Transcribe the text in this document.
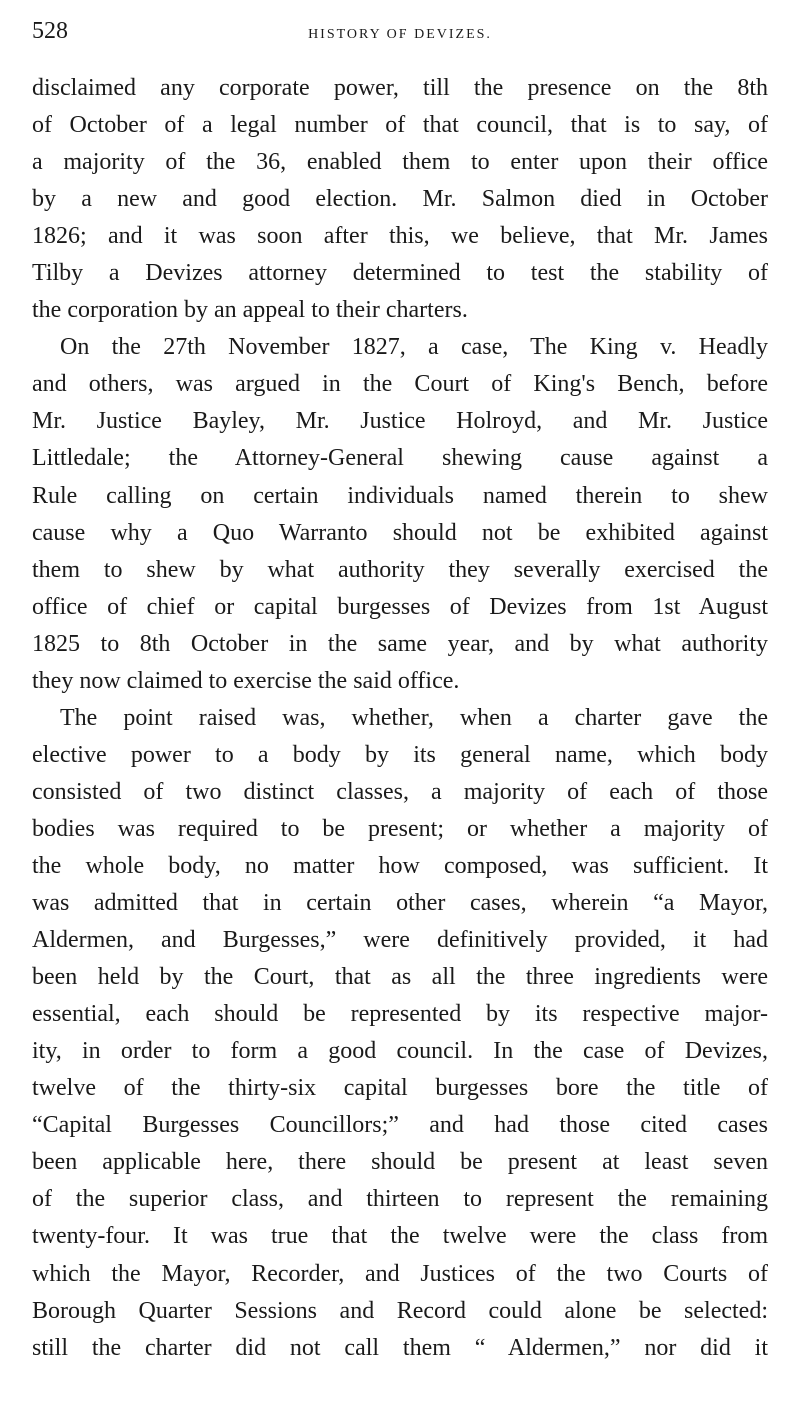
528	HISTORY OF DEVIZES.
disclaimed any corporate power, till the presence on the 8th
of October of a legal number of that council, that is to say, of
a majority of the 36, enabled them to enter upon their office
by a new and good election. Mr. Salmon died in October
1826; and it was soon after this, we believe, that Mr. James
Tilby a Devizes attorney determined to test the stability of
the corporation by an appeal to their charters.
On the 27th November 1827, a case, The King v. Headly
and others, was argued in the Court of King's Bench, before
Mr. Justice Bayley, Mr. Justice Holroyd, and Mr. Justice
Littledale; the Attorney-General shewing cause against a
Rule calling on certain individuals named therein to shew
cause why a Quo Warranto should not be exhibited against
them to shew by what authority they severally exercised the
office of chief or capital burgesses of Devizes from 1st August
1825 to 8th October in the same year, and by what authority
they now claimed to exercise the said office.
The point raised was, whether, when a charter gave the
elective power to a body by its general name, which body
consisted of two distinct classes, a majority of each of those
bodies was required to be present; or whether a majority of
the whole body, no matter how composed, was sufficient. It
was admitted that in certain other cases, wherein “a Mayor,
Aldermen, and Burgesses,” were definitively provided, it had
been held by the Court, that as all the three ingredients were
essential, each should be represented by its respective major-
ity, in order to form a good council. In the case of Devizes,
twelve of the thirty-six capital burgesses bore the title of
“Capital Burgesses Councillors;” and had those cited cases
been applicable here, there should be present at least seven
of the superior class, and thirteen to represent the remaining
twenty-four. It was true that the twelve were the class from
which the Mayor, Recorder, and Justices of the two Courts of
Borough Quarter Sessions and Record could alone be selected:
still the charter did not call them “ Aldermen,” nor did it
